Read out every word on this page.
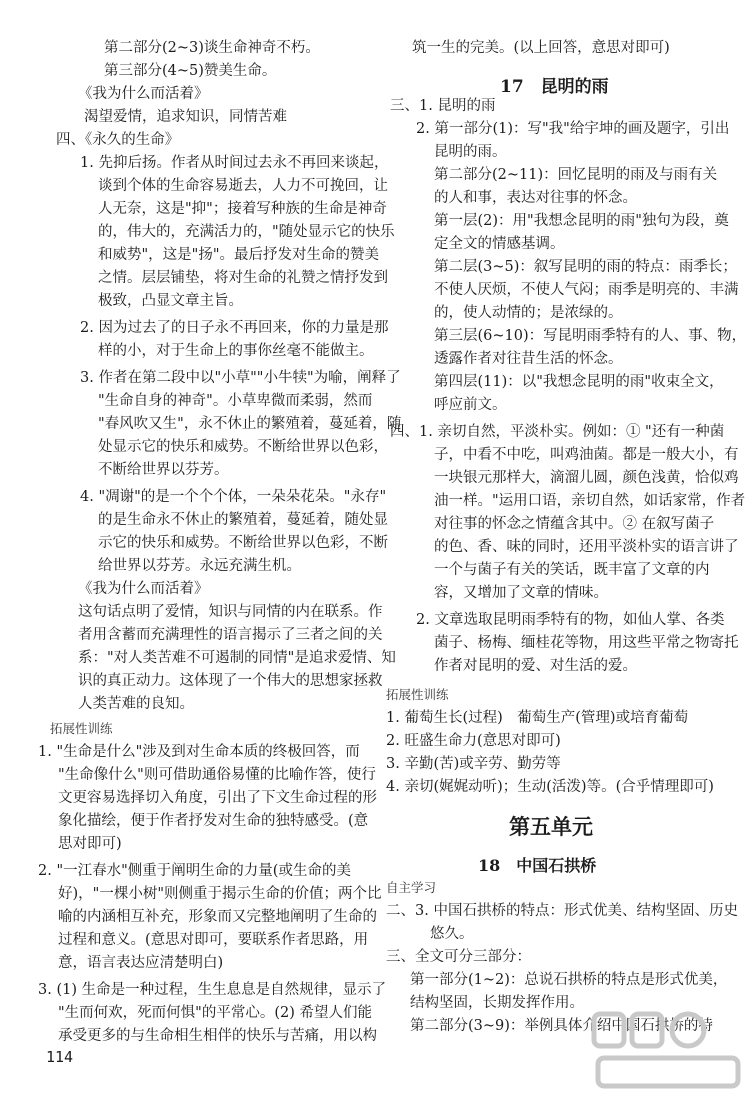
第二部分(2~3)谈生命神奇不朽。
第三部分(4~5)赞美生命。
《我为什么而活着》
渴望爱情，追求知识，同情苦难
四、《永久的生命》
1. 先抑后扬。作者从时间过去永不再回来谈起，
谈到个体的生命容易逝去，人力不可挽回，让
人无奈，这是"抑"；接着写种族的生命是神奇
的，伟大的，充满活力的，"随处显示它的快乐
和威势"，这是"扬"。最后抒发对生命的赞美
之情。层层铺垫，将对生命的礼赞之情抒发到
极致，凸显文章主旨。
2. 因为过去了的日子永不再回来，你的力量是那
样的小，对于生命上的事你丝毫不能做主。
3. 作者在第二段中以"小草""小牛犊"为喻，阐释了
"生命自身的神奇"。小草卑微而柔弱，然而
"春风吹又生"，永不休止的繁殖着，蔓延着，随
处显示它的快乐和威势。不断给世界以色彩，
不断给世界以芬芳。
4. "凋谢"的是一个个个体，一朵朵花朵。"永存"
的是生命永不休止的繁殖着，蔓延着，随处显
示它的快乐和威势。不断给世界以色彩，不断
给世界以芬芳。永远充满生机。
《我为什么而活着》
这句话点明了爱情，知识与同情的内在联系。作
者用含蓄而充满理性的语言揭示了三者之间的关
系："对人类苦难不可遏制的同情"是追求爱情、知
识的真正动力。这体现了一个伟大的思想家拯救
人类苦难的良知。
拓展性训练
1. "生命是什么"涉及到对生命本质的终极回答，而
"生命像什么"则可借助通俗易懂的比喻作答，使行
文更容易选择切入角度，引出了下文生命过程的形
象化描绘，便于作者抒发对生命的独特感受。(意
思对即可)
2. "一江春水"侧重于阐明生命的力量(或生命的美
好)，"一棵小树"则侧重于揭示生命的价值；两个比
喻的内涵相互补充，形象而又完整地阐明了生命的
过程和意义。(意思对即可，要联系作者思路，用
意，语言表达应清楚明白)
3. (1) 生命是一种过程，生生息息是自然规律，显示了
"生而何欢，死而何惧"的平常心。(2) 希望人们能
承受更多的与生命相生相伴的快乐与苦痛，用以构
筑一生的完美。(以上回答，意思对即可)
三、1. 昆明的雨
2. 第一部分(1)：写"我"给宇坤的画及题字，引出
昆明的雨。
第二部分(2~11)：回忆昆明的雨及与雨有关
的人和事，表达对往事的怀念。
第一层(2)：用"我想念昆明的雨"独句为段，奠
定全文的情感基调。
第二层(3~5)：叙写昆明的雨的特点：雨季长；
不使人厌烦，不使人气闷；雨季是明亮的、丰满
的，使人动情的；是浓绿的。
第三层(6~10)：写昆明雨季特有的人、事、物，
透露作者对往昔生活的怀念。
第四层(11)：以"我想念昆明的雨"收束全文，
呼应前文。
四、1. 亲切自然，平淡朴实。例如：① "还有一种菌
子，中看不中吃，叫鸡油菌。都是一般大小，有
一块银元那样大，滴溜儿圆，颜色浅黄，恰似鸡
油一样。"运用口语，亲切自然，如话家常，作者
对往事的怀念之情蕴含其中。② 在叙写菌子
的色、香、味的同时，还用平淡朴实的语言讲了
一个与菌子有关的笑话，既丰富了文章的内
容，又增加了文章的情味。
2. 文章选取昆明雨季特有的物，如仙人掌、各类
菌子、杨梅、缅桂花等物，用这些平常之物寄托
作者对昆明的爱、对生活的爱。
拓展性训练
1. 葡萄生长(过程)　葡萄生产(管理)或培育葡萄
2. 旺盛生命力(意思对即可)
3. 辛勤(苦)或辛劳、勤劳等
4. 亲切(娓娓动听)；生动(活泼)等。(合乎情理即可)
自主学习
二、3. 中国石拱桥的特点：形式优美、结构坚固、历史
悠久。
三、全文可分三部分：
第一部分(1~2)：总说石拱桥的特点是形式优美，
结构坚固，长期发挥作用。
第二部分(3~9)：举例具体介绍中国石拱桥的特
17　昆明的雨
第五单元
18　中国石拱桥
114
